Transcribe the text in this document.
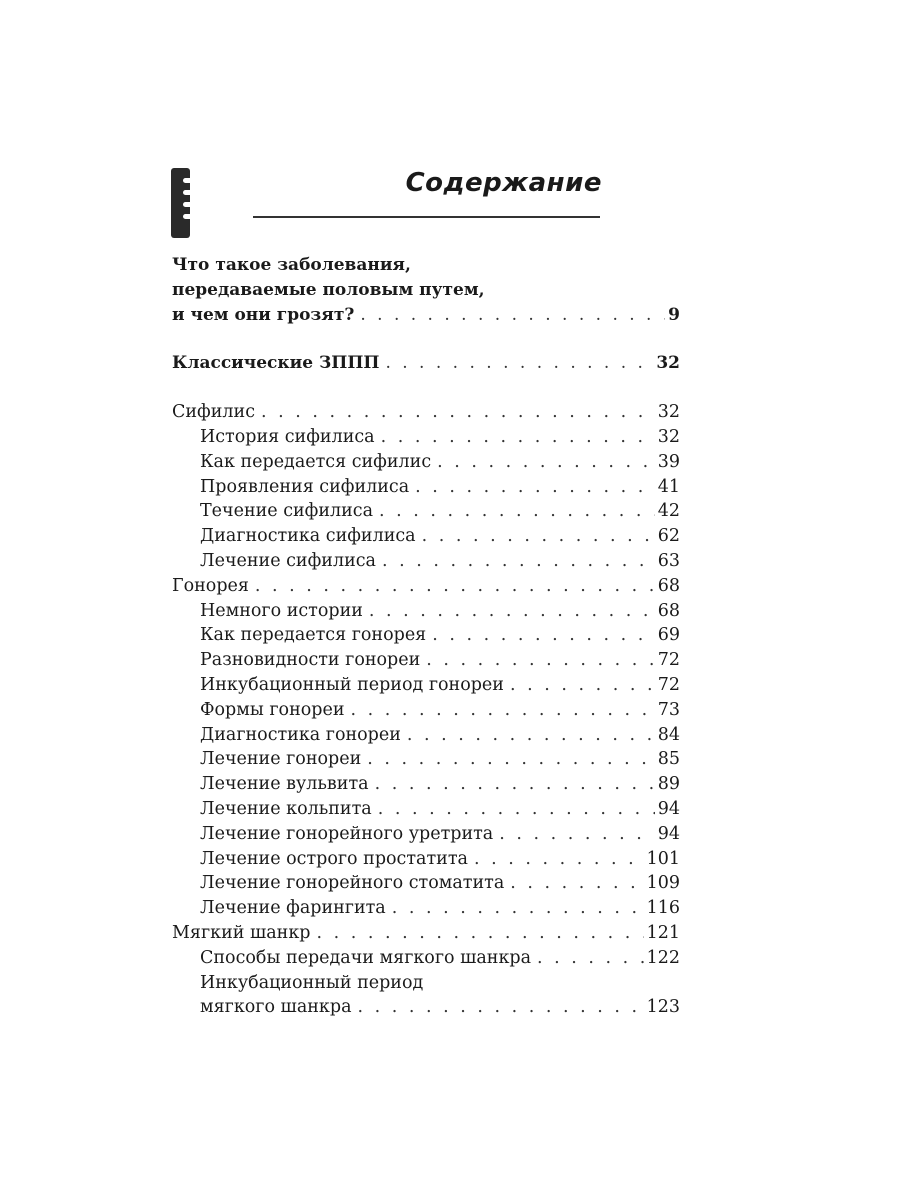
Содержание
Что такое заболевания,
передаваемые половым путем,
и чем они грозят? . . .	9
Классические ЗППП . . .	32
Сифилис . . .	32
История сифилиса . . .	32
Как передается сифилис . . .	39
Проявления сифилиса . . .	41
Течение сифилиса . . .	42
Диагностика сифилиса . . .	62
Лечение сифилиса . . .	63
Гонорея . . .	68
Немного истории . . .	68
Как передается гонорея . . .	69
Разновидности гонореи . . .	72
Инкубационный период гонореи . . .	72
Формы гонореи . . .	73
Диагностика гонореи . . .	84
Лечение гонореи . . .	85
Лечение вульвита . . .	89
Лечение кольпита . . .	94
Лечение гонорейного уретрита . . .	94
Лечение острого простатита . . .	101
Лечение гонорейного стоматита . . .	109
Лечение фарингита . . .	116
Мягкий шанкр . . .	121
Способы передачи мягкого шанкра . . .	122
Инкубационный период
мягкого шанкра . . .	123
